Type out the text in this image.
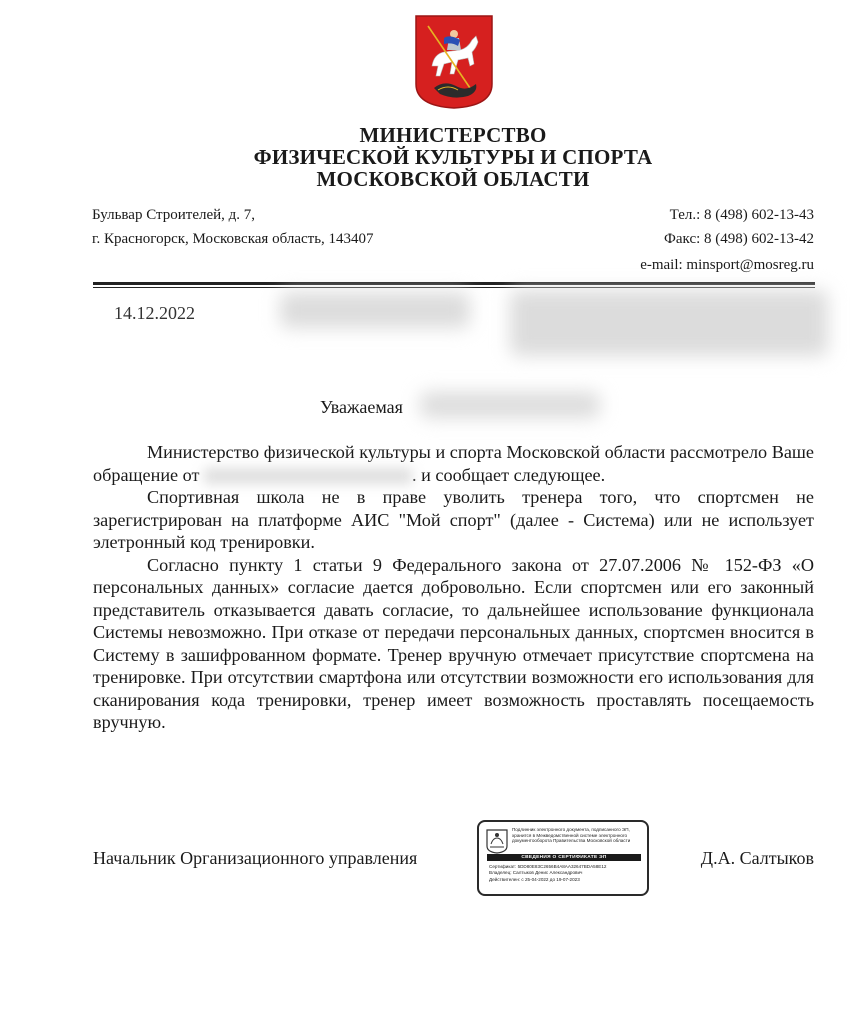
МИНИСТЕРСТВО
ФИЗИЧЕСКОЙ КУЛЬТУРЫ И СПОРТА
МОСКОВСКОЙ ОБЛАСТИ
Бульвар Строителей, д. 7,
г. Красногорск, Московская область, 143407
Тел.: 8 (498) 602-13-43
Факс: 8 (498) 602-13-42
e-mail: minsport@mosreg.ru
14.12.2022
Уважаемая

Министерство физической культуры и спорта Московской области рассмотрело Ваше обращение от	. и сообщает следующее.

Спортивная школа не в праве уволить тренера того, что спортсмен не зарегистрирован на платформе АИС "Мой спорт" (далее - Система) или не использует элетронный код тренировки.

Согласно пункту 1 статьи 9 Федерального закона от 27.07.2006 № 152-ФЗ «О персональных данных» согласие дается добровольно. Если спортсмен или его законный представитель отказывается давать согласие, то дальнейшее использование функционала Системы невозможно. При отказе от передачи персональных данных, спортсмен вносится в Систему в зашифрованном формате. Тренер вручную отмечает присутствие спортсмена на тренировке. При отсутствии смартфона или отсутствии возможности его использования для сканирования кода тренировки, тренер имеет возможность проставлять посещаемость вручную.

Начальник Организационного управления
Подлинник электронного документа, подписанного ЭП,
хранится в Межведомственной системе электронного
документооборота Правительства Московской области
СВЕДЕНИЯ О СЕРТИФИКАТЕ ЭП
Сертификат: 5DD80E83C2656B4A8AA32647BDA58E12
Владелец: Салтыков Денис Александрович
Действителен: с 25-04-2022 до 19-07-2023
Д.А. Салтыков
